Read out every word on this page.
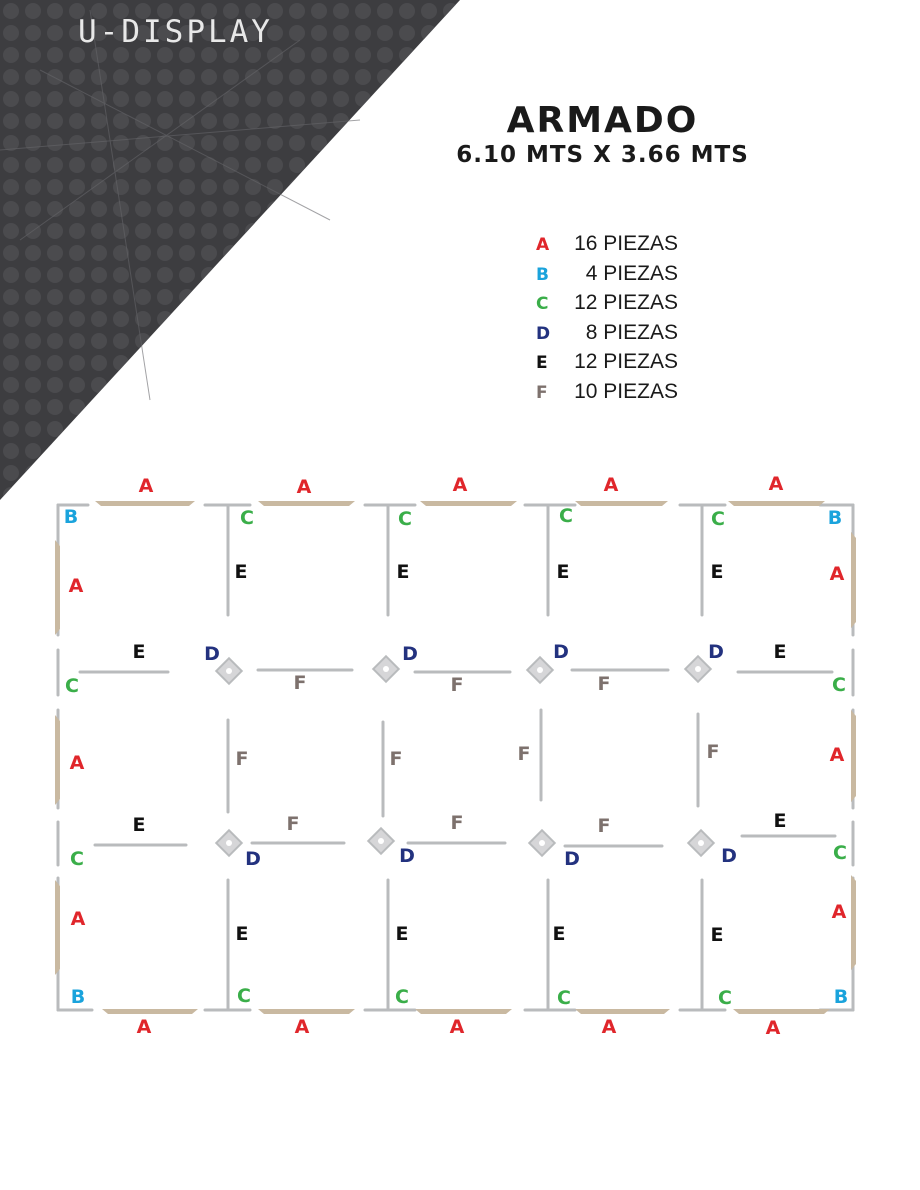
U-DISPLAY
ARMADO
6.10 MTS X 3.66 MTS
A	16 PIEZAS
B	4 PIEZAS
C	12 PIEZAS
D	8 PIEZAS
E	12 PIEZAS
F	10 PIEZAS
A	A	A	A	A
A	A	A	A	A
A
A
A
A
A
A
B	B
B	B
C	C	C	C
C	C
C	C
C	C	C	C
D	D	D	D
D	D	D	D
E	E	E	E
E	E
E	E
E	E	E	E
F	F	F
F	F	F	F
F	F	F
